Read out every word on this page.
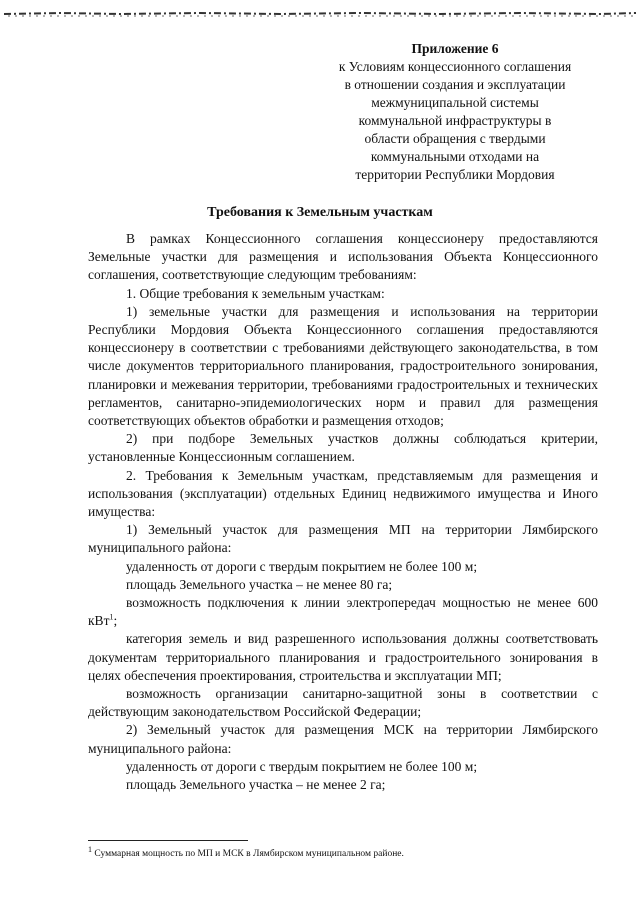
Приложение 6
к Условиям концессионного соглашения
в отношении создания и эксплуатации
межмуниципальной системы
коммунальной инфраструктуры в
области обращения с твердыми
коммунальными отходами на
территории Республики Мордовия
Требования к Земельным участкам

В рамках Концессионного соглашения концессионеру предоставляются Земельные участки для размещения и использования Объекта Концессионного соглашения, соответствующие следующим требованиям:

1. Общие требования к земельным участкам:

1) земельные участки для размещения и использования на территории Республики Мордовия Объекта Концессионного соглашения предоставляются концессионеру в соответствии с требованиями действующего законодательства, в том числе документов территориального планирования, градостроительного зонирования, планировки и межевания территории, требованиями градостроительных и технических регламентов, санитарно-эпидемиологических норм и правил для размещения соответствующих объектов обработки и размещения отходов;

2) при подборе Земельных участков должны соблюдаться критерии, установленные Концессионным соглашением.

2. Требования к Земельным участкам, представляемым для размещения и использования (эксплуатации) отдельных Единиц недвижимого имущества и Иного имущества:

1) Земельный участок для размещения МП на территории Лямбирского муниципального района:

удаленность от дороги с твердым покрытием не более 100 м;

площадь Земельного участка – не менее 80 га;

возможность подключения к линии электропередач мощностью не менее 600 кВт$^1$;

категория земель и вид разрешенного использования должны соответствовать документам территориального планирования и градостроительного зонирования в целях обеспечения проектирования, строительства и эксплуатации МП;

возможность организации санитарно-защитной зоны в соответствии с действующим законодательством Российской Федерации;

2) Земельный участок для размещения МСК на территории Лямбирского муниципального района:

удаленность от дороги с твердым покрытием не более 100 м;

площадь Земельного участка – не менее 2 га;

$^1$ Суммарная мощность по МП и МСК в Лямбирском муниципальном районе.
